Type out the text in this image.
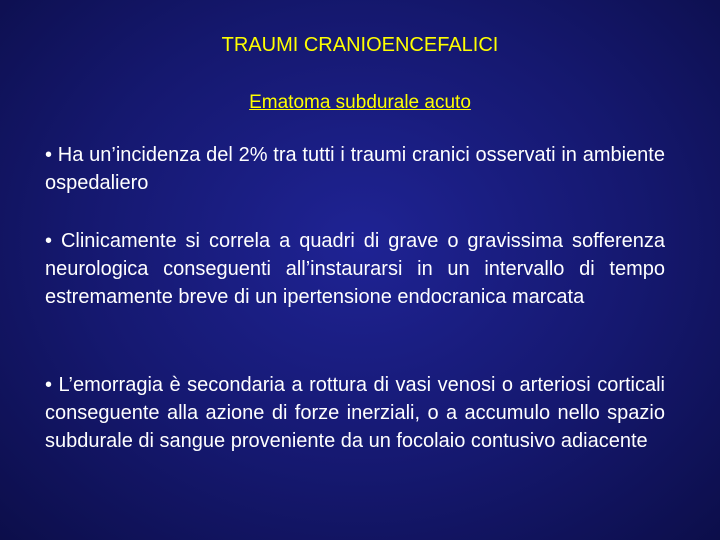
TRAUMI CRANIOENCEFALICI
Ematoma subdurale acuto
• Ha un’incidenza del 2% tra tutti i traumi cranici osservati in ambiente ospedaliero
• Clinicamente si correla a quadri di grave o gravissima sofferenza neurologica conseguenti all’instaurarsi in un intervallo di tempo estremamente breve di un ipertensione endocranica marcata
• L’emorragia è secondaria a rottura di vasi venosi o arteriosi corticali conseguente alla azione di forze inerziali, o a accumulo nello spazio subdurale di sangue proveniente da un focolaio contusivo adiacente
